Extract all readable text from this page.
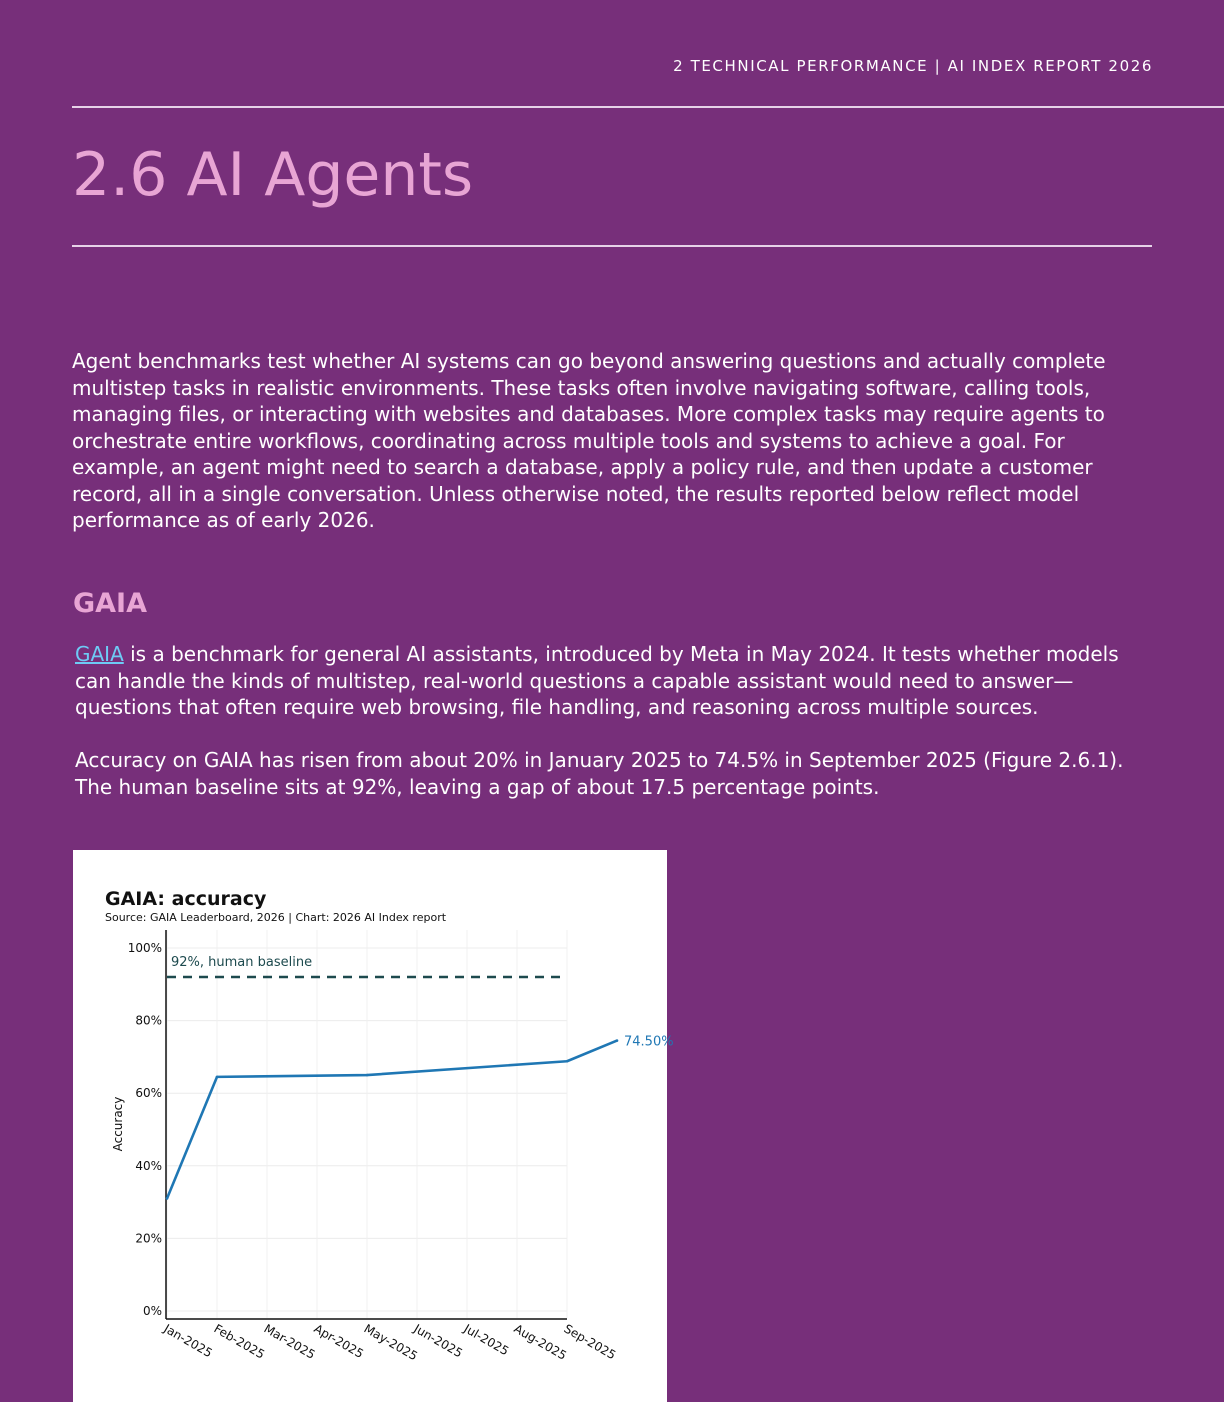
2 TECHNICAL PERFORMANCE | AI INDEX REPORT 2026
2.6 AI Agents

Agent benchmarks test whether AI systems can go beyond answering questions and actually complete multistep tasks in realistic environments. These tasks often involve navigating software, calling tools, managing files, or interacting with websites and databases. More complex tasks may require agents to orchestrate entire workflows, coordinating across multiple tools and systems to achieve a goal. For example, an agent might need to search a database, apply a policy rule, and then update a customer record, all in a single conversation. Unless otherwise noted, the results reported below reflect model performance as of early 2026.

GAIA

GAIA is a benchmark for general AI assistants, introduced by Meta in May 2024. It tests whether models can handle the kinds of multistep, real-world questions a capable assistant would need to answer—questions that often require web browsing, file handling, and reasoning across multiple sources.

Accuracy on GAIA has risen from about 20% in January 2025 to 74.5% in September 2025 (Figure 2.6.1). The human baseline sits at 92%, leaving a gap of about 17.5 percentage points.

GAIA: accuracy
Source: GAIA Leaderboard, 2026 | Chart: 2026 AI Index report
0%
20%
40%
60%
80%
100%
Jan-2025
Feb-2025
Mar-2025
Apr-2025
May-2025
Jun-2025
Jul-2025 Aug-2025
Sep-2025
Accuracy
92%, human baseline
74.50%
